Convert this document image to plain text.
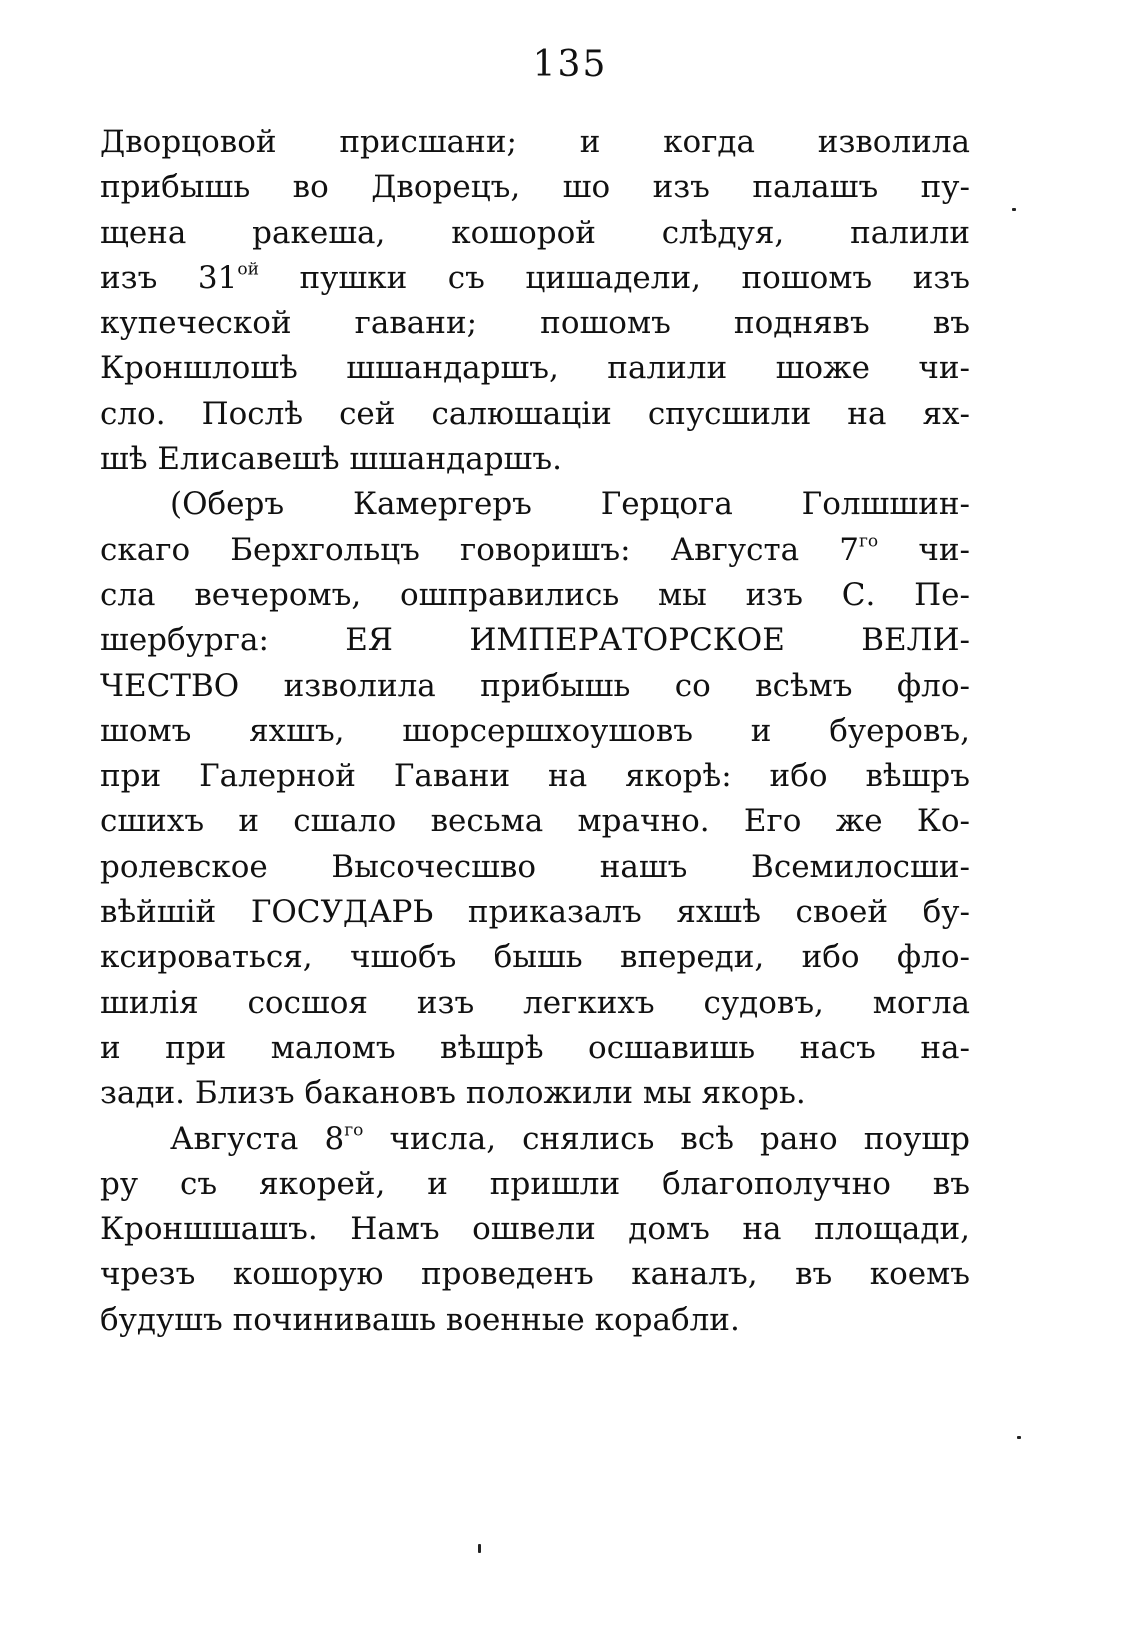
135
Дворцовой присшани; и когда изволила
прибышь во Дворецъ, шо изъ палашъ пу-
щена ракеша, кошорой слѣдуя, палили
изъ $31^{ой}$ пушки съ цишадели, пошомъ изъ
купеческой гавани; пошомъ поднявъ въ
Кроншлошѣ шшандаршъ, палили шоже чи-
сло. Послѣ сей салюшаціи спусшили на ях-
шѣ Елисавешѣ шшандаршъ.
(Оберъ Камергеръ Герцога Голшшин-
скаго Берхгольцъ говоришъ: Августа $7^{го}$ чи-
сла вечеромъ, ошправились мы изъ С. Пе-
шербурга: ЕЯ ИМПЕРАТОРСКОЕ ВЕЛИ-
ЧЕСТВО изволила прибышь со всѣмъ фло-
шомъ яхшъ, шорсершхоушовъ и буеровъ,
при Галерной Гавани на якорѣ: ибо вѣшръ
сшихъ и сшало весьма мрачно. Его же Ко-
ролевское Высочесшво нашъ Всемилосши-
вѣйшій ГОСУДАРЬ приказалъ яхшѣ своей бу-
ксироваться, чшобъ бышь впереди, ибо фло-
шилія сосшоя изъ легкихъ судовъ, могла
и при маломъ вѣшрѣ осшавишь насъ на-
зади. Близъ бакановъ положили мы якорь.
Августа $8^{го}$ числа, снялись всѣ рано поушр
ру съ якорей, и пришли благополучно въ
Кроншшашъ. Намъ ошвели домъ на площади,
чрезъ кошорую проведенъ каналъ, въ коемъ
будушъ починивашь военные корабли.
